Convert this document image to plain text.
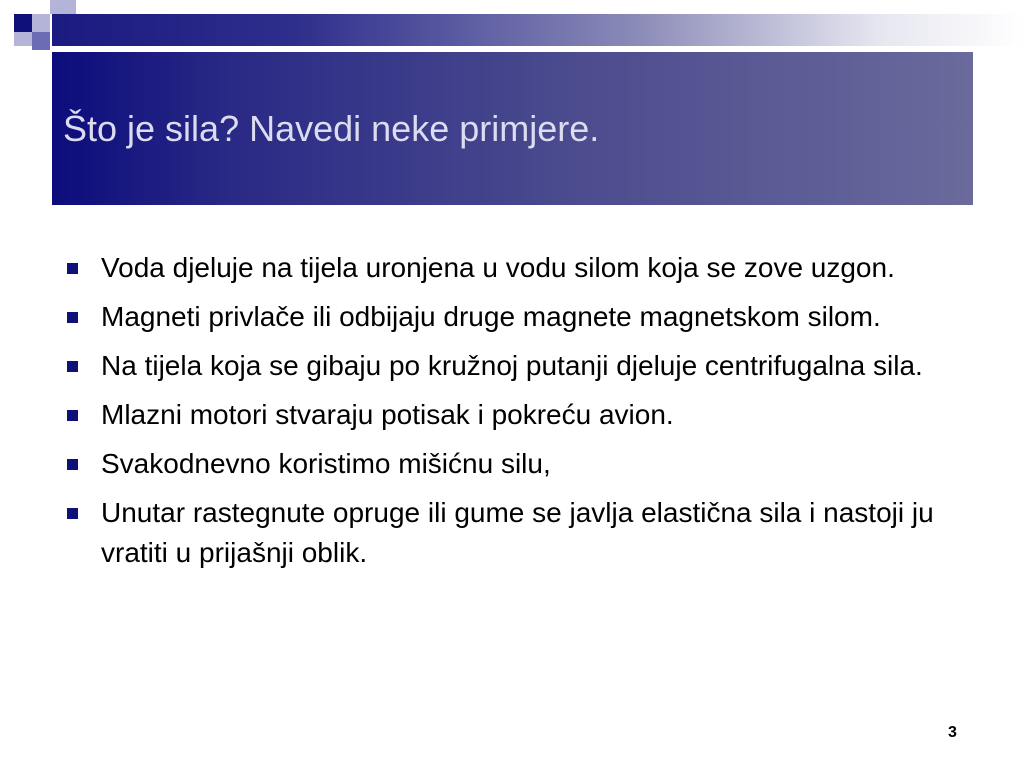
Što je sila? Navedi neke primjere.
Voda djeluje na tijela uronjena u vodu silom koja se zove uzgon.
Magneti privlače ili odbijaju druge magnete magnetskom silom.
Na tijela koja se gibaju po kružnoj putanji djeluje centrifugalna sila.
Mlazni motori stvaraju potisak i pokreću avion.
Svakodnevno koristimo mišićnu silu,
Unutar rastegnute opruge ili gume se javlja elastična sila i nastoji ju vratiti u prijašnji oblik.
3
